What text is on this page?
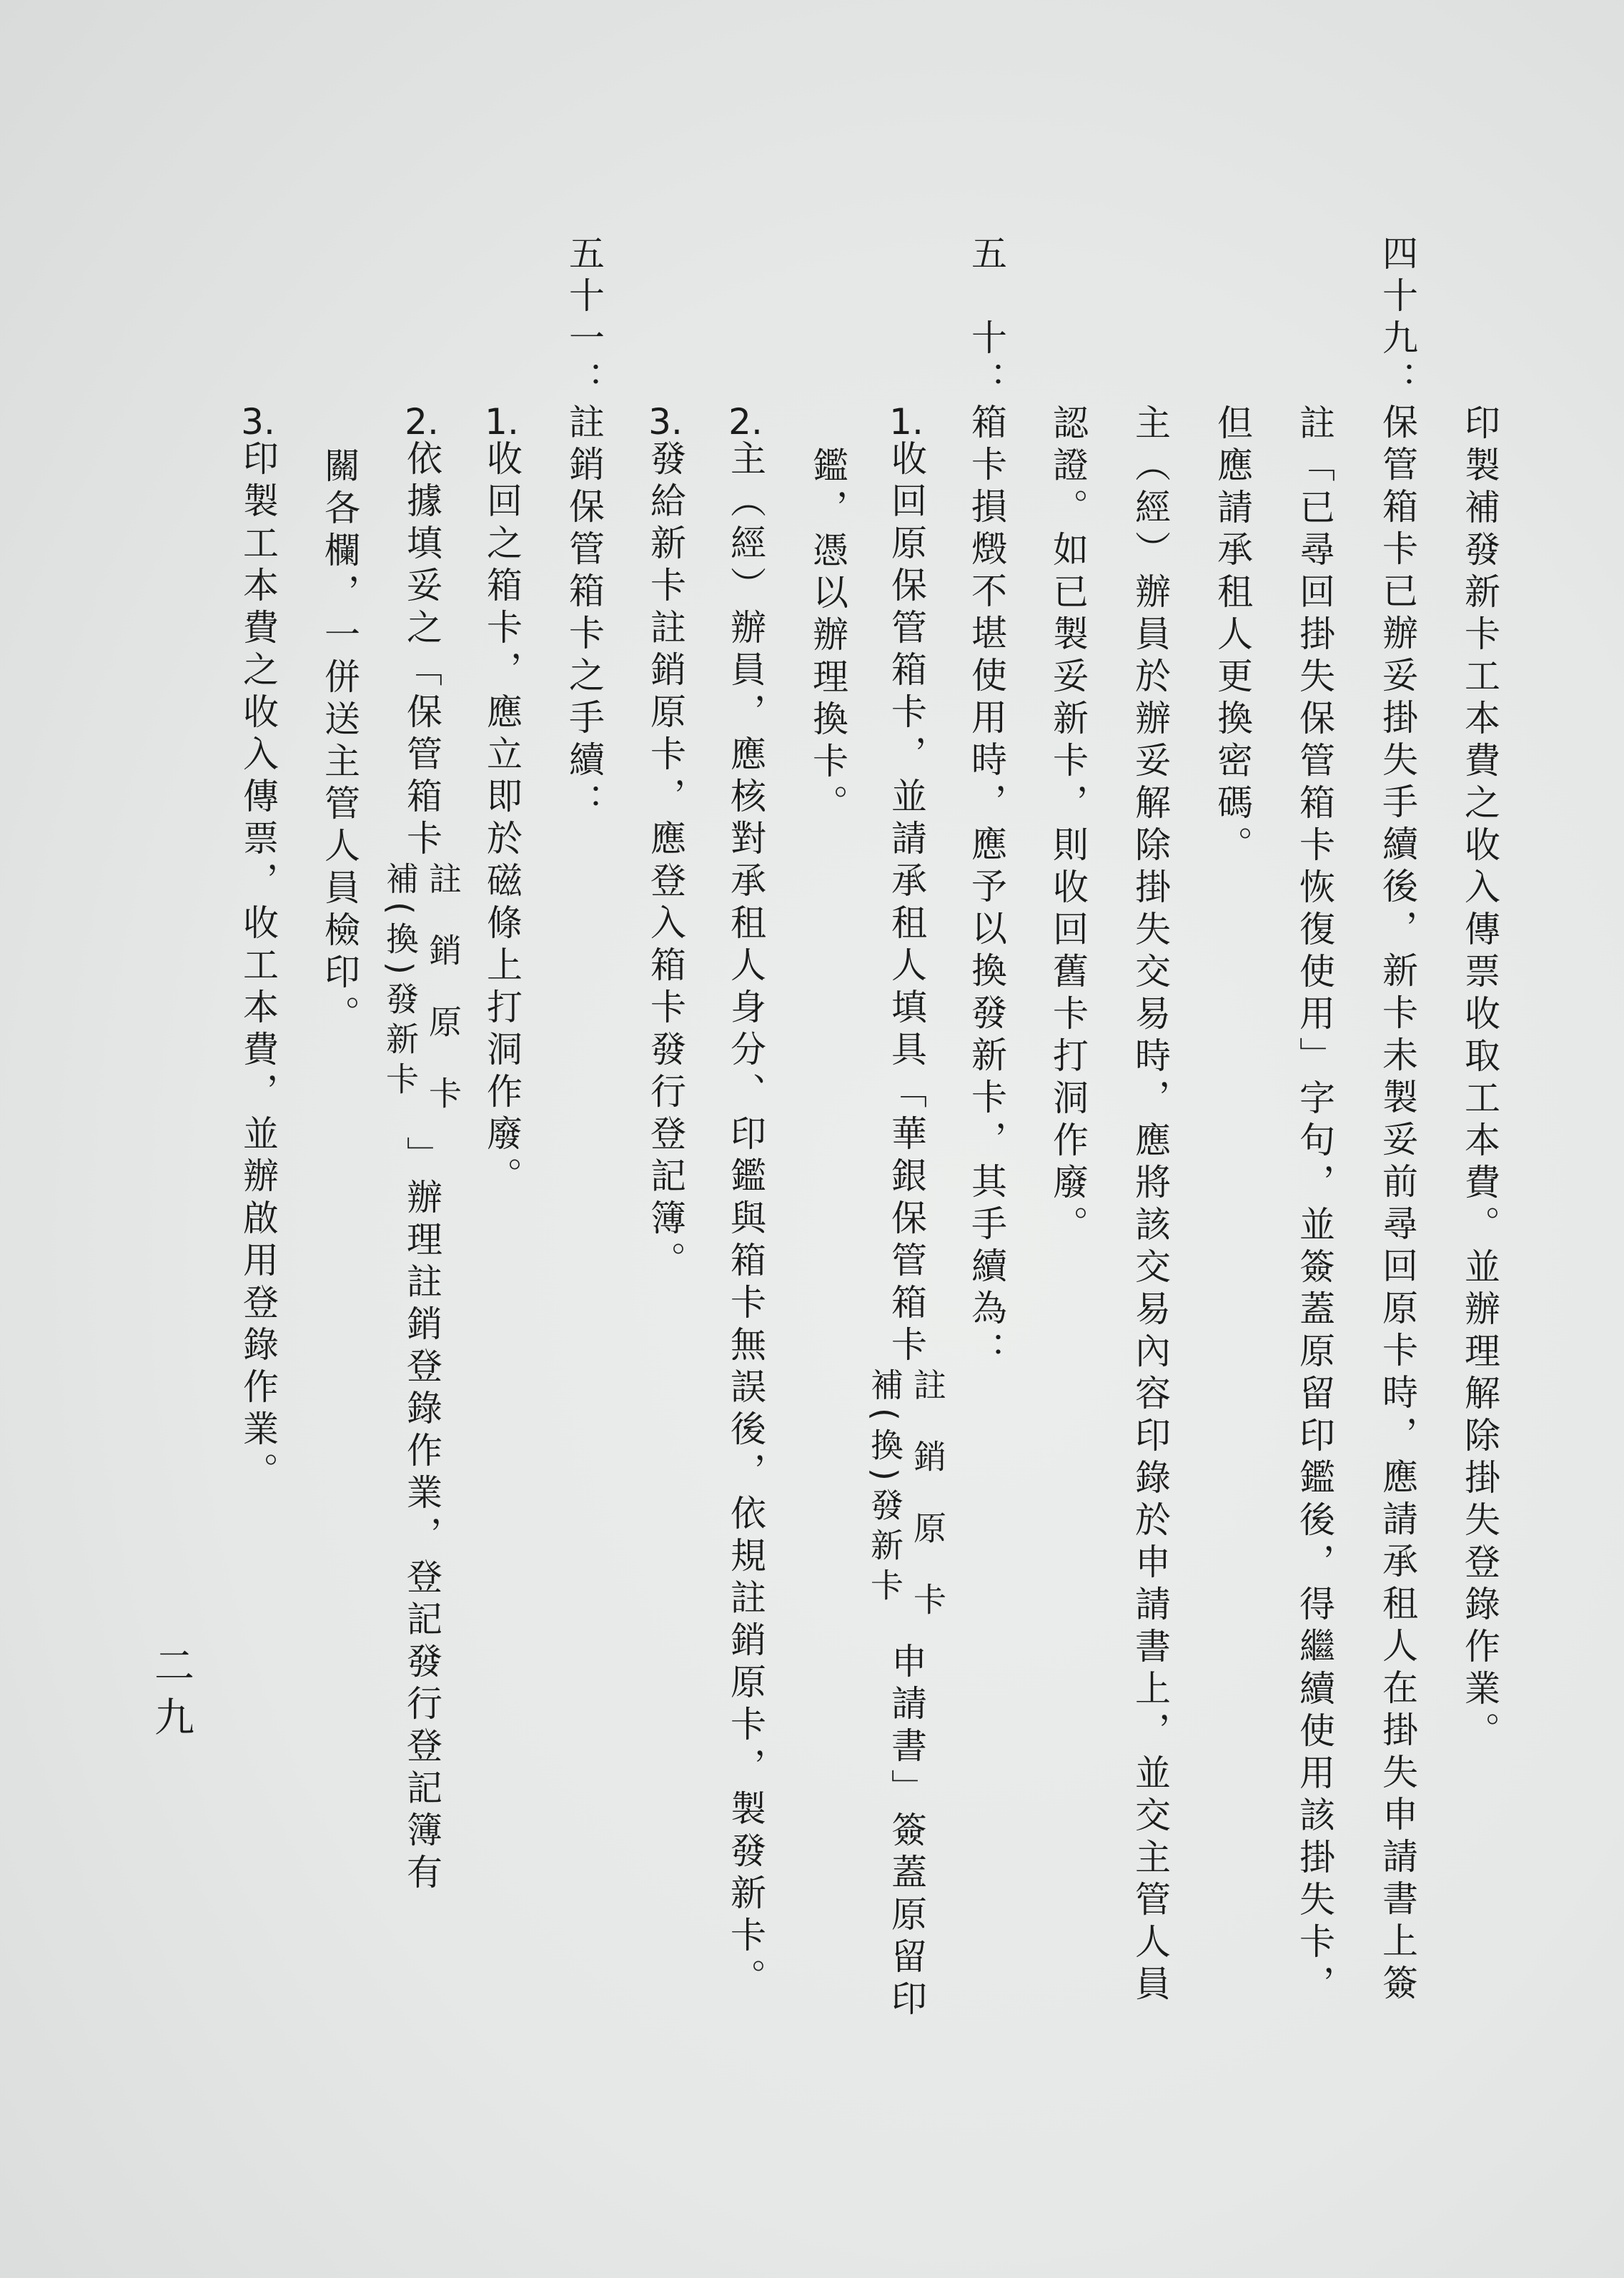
印製補發新卡工本費之收入傳票收取工本費。並辦理解除掛失登錄作業。
四十九：
保管箱卡已辦妥掛失手續後，新卡未製妥前尋回原卡時，應請承租人在掛失申請書上簽
註「已尋回掛失保管箱卡恢復使用」字句，並簽蓋原留印鑑後，得繼續使用該掛失卡，
但應請承租人更換密碼。
主（經）辦員於辦妥解除掛失交易時，應將該交易內容印錄於申請書上，並交主管人員
認證。如已製妥新卡，則收回舊卡打洞作廢。
五　十：
箱卡損燬不堪使用時，應予以換發新卡，其手續為：
1.
收回原保管箱卡，並請承租人填具「華銀保管箱卡
註銷原卡
補(換)發新卡
申請書」簽蓋原留印
鑑，憑以辦理換卡。
2.
主（經）辦員，應核對承租人身分、印鑑與箱卡無誤後，依規註銷原卡，製發新卡。
3.
發給新卡註銷原卡，應登入箱卡發行登記簿。
五十一：
註銷保管箱卡之手續：
1.
收回之箱卡，應立即於磁條上打洞作廢。
2.
依據填妥之「保管箱卡
註銷原卡
補(換)發新卡
」辦理註銷登錄作業，登記發行登記簿有
關各欄，一併送主管人員檢印。
3.
印製工本費之收入傳票，收工本費，並辦啟用登錄作業。
二九
